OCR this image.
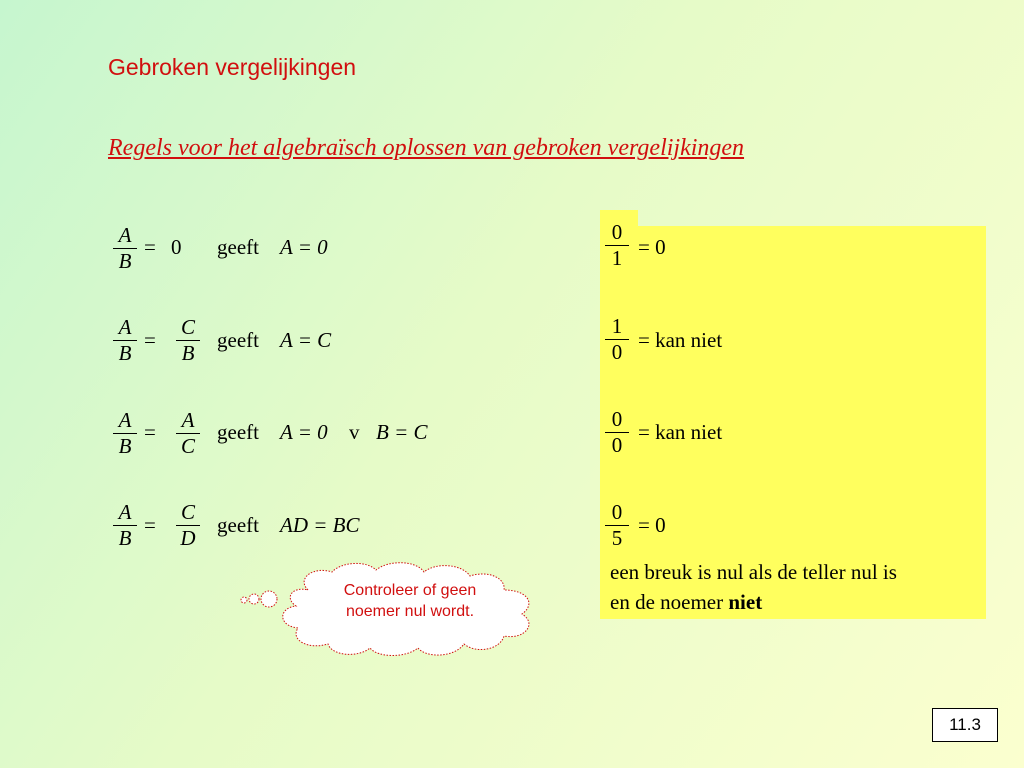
Gebroken vergelijkingen
Regels voor het algebraïsch oplossen van gebroken vergelijkingen
$\frac{A}{B} = 0$ geeft A = 0
$\frac{A}{B} = \frac{C}{B}$ geeft A = C
$\frac{A}{B} = \frac{A}{C}$ geeft A = 0 v B = C
$\frac{A}{B} = \frac{C}{D}$ geeft AD = BC
$\frac{0}{1} = 0$
$\frac{1}{0}$ = kan niet
$\frac{0}{0}$ = kan niet
$\frac{0}{5} = 0$
een breuk is nul als de teller nul is
en de noemer niet
Controleer of geen noemer nul wordt.
11.3
